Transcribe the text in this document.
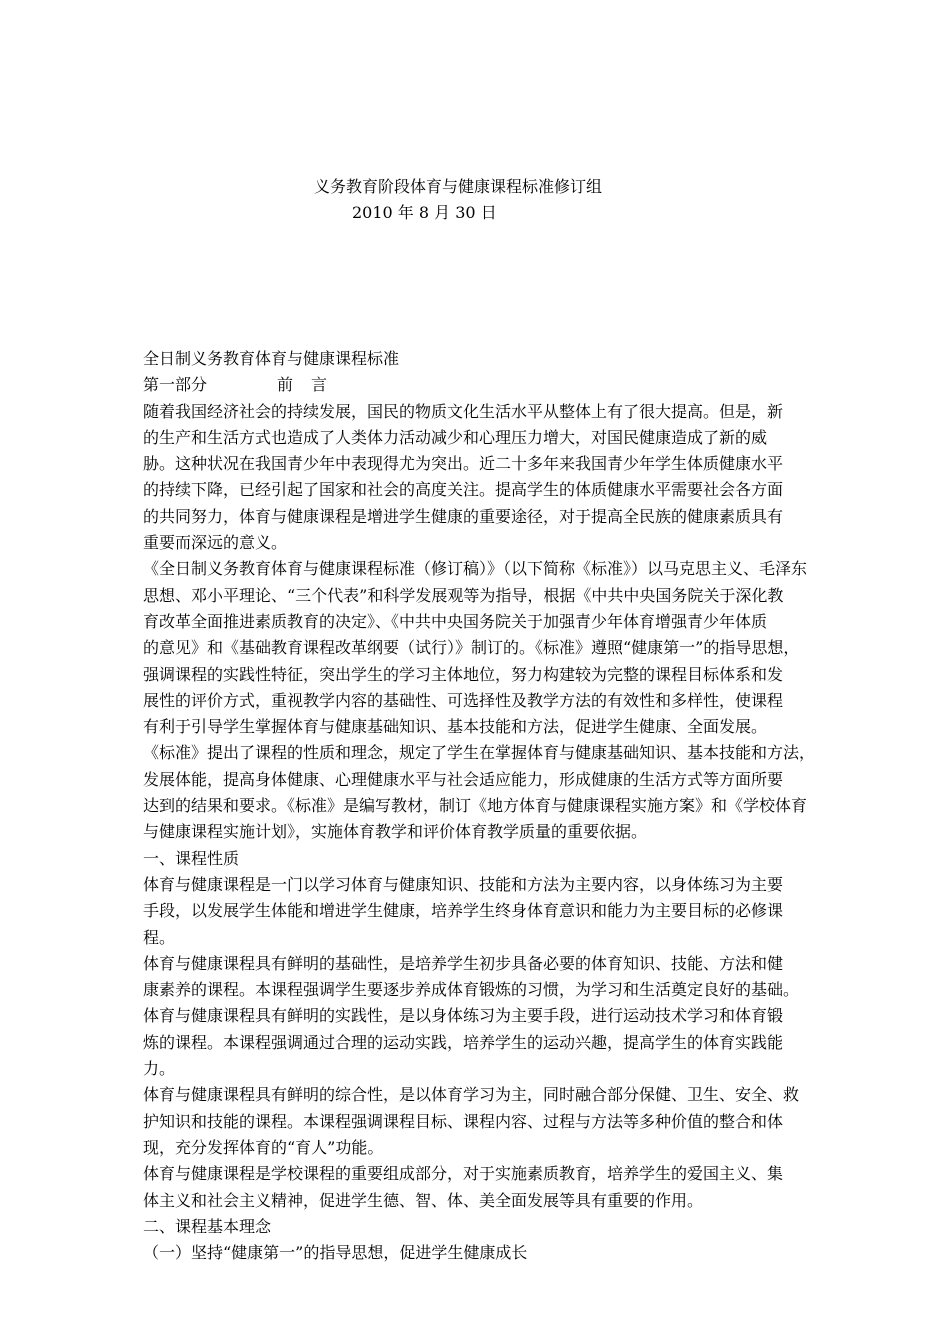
义务教育阶段体育与健康课程标准修订组
2010 年 8 月 30 日
全日制义务教育体育与健康课程标准
第一部分	前 言
随着我国经济社会的持续发展，国民的物质文化生活水平从整体上有了很大提高。但是，新
的生产和生活方式也造成了人类体力活动减少和心理压力增大，对国民健康造成了新的威
胁。这种状况在我国青少年中表现得尤为突出。近二十多年来我国青少年学生体质健康水平
的持续下降，已经引起了国家和社会的高度关注。提高学生的体质健康水平需要社会各方面
的共同努力，体育与健康课程是增进学生健康的重要途径，对于提高全民族的健康素质具有
重要而深远的意义。
《全日制义务教育体育与健康课程标准（修订稿）》（以下简称《标准》）以马克思主义、毛泽东
思想、邓小平理论、“三个代表”和科学发展观等为指导，根据《中共中央国务院关于深化教
育改革全面推进素质教育的决定》、《中共中央国务院关于加强青少年体育增强青少年体质
的意见》和《基础教育课程改革纲要（试行）》制订的。《标准》遵照“健康第一”的指导思想，
强调课程的实践性特征，突出学生的学习主体地位，努力构建较为完整的课程目标体系和发
展性的评价方式，重视教学内容的基础性、可选择性及教学方法的有效性和多样性，使课程
有利于引导学生掌握体育与健康基础知识、基本技能和方法，促进学生健康、全面发展。
《标准》提出了课程的性质和理念，规定了学生在掌握体育与健康基础知识、基本技能和方法，
发展体能，提高身体健康、心理健康水平与社会适应能力，形成健康的生活方式等方面所要
达到的结果和要求。《标准》是编写教材，制订《地方体育与健康课程实施方案》和《学校体育
与健康课程实施计划》，实施体育教学和评价体育教学质量的重要依据。
一、课程性质
体育与健康课程是一门以学习体育与健康知识、技能和方法为主要内容，以身体练习为主要
手段，以发展学生体能和增进学生健康，培养学生终身体育意识和能力为主要目标的必修课
程。
体育与健康课程具有鲜明的基础性，是培养学生初步具备必要的体育知识、技能、方法和健
康素养的课程。本课程强调学生要逐步养成体育锻炼的习惯，为学习和生活奠定良好的基础。
体育与健康课程具有鲜明的实践性，是以身体练习为主要手段，进行运动技术学习和体育锻
炼的课程。本课程强调通过合理的运动实践，培养学生的运动兴趣，提高学生的体育实践能
力。
体育与健康课程具有鲜明的综合性，是以体育学习为主，同时融合部分保健、卫生、安全、救
护知识和技能的课程。本课程强调课程目标、课程内容、过程与方法等多种价值的整合和体
现，充分发挥体育的“育人”功能。
体育与健康课程是学校课程的重要组成部分，对于实施素质教育，培养学生的爱国主义、集
体主义和社会主义精神，促进学生德、智、体、美全面发展等具有重要的作用。
二、课程基本理念
（一）坚持“健康第一”的指导思想，促进学生健康成长
